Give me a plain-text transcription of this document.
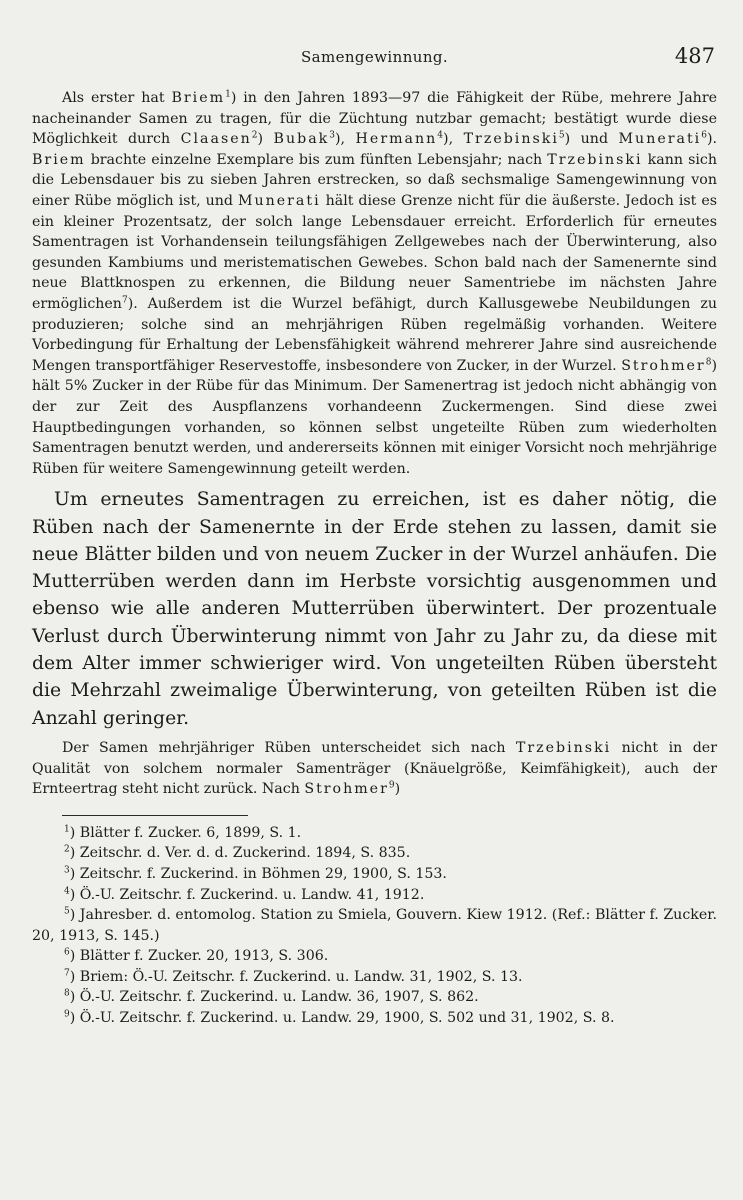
Samengewinnung.	487

Als erster hat Briem$^1$) in den Jahren 1893—97 die Fähigkeit der Rübe, mehrere Jahre nacheinander Samen zu tragen, für die Züchtung nutzbar gemacht; bestätigt wurde diese Möglichkeit durch Claasen$^2$) Bubak$^3$), Hermann$^4$), Trzebinski$^5$) und Munerati$^6$). Briem brachte einzelne Exemplare bis zum fünften Lebensjahr; nach Trzebinski kann sich die Lebensdauer bis zu sieben Jahren erstrecken, so daß sechsmalige Samengewinnung von einer Rübe möglich ist, und Munerati hält diese Grenze nicht für die äußerste. Jedoch ist es ein kleiner Prozentsatz, der solch lange Lebensdauer erreicht. Erforderlich für erneutes Samentragen ist Vorhandensein teilungsfähigen Zellgewebes nach der Überwinterung, also gesunden Kambiums und meristematischen Gewebes. Schon bald nach der Samenernte sind neue Blattknospen zu erkennen, die Bildung neuer Samentriebe im nächsten Jahre ermöglichen$^7$). Außerdem ist die Wurzel befähigt, durch Kallusgewebe Neubildungen zu produzieren; solche sind an mehrjährigen Rüben regelmäßig vorhanden. Weitere Vorbedingung für Erhaltung der Lebensfähigkeit während mehrerer Jahre sind ausreichende Mengen transportfähiger Reservestoffe, insbesondere von Zucker, in der Wurzel. Strohmer$^8$) hält 5% Zucker in der Rübe für das Minimum. Der Samenertrag ist jedoch nicht abhängig von der zur Zeit des Auspflanzens vorhandeenn Zuckermengen. Sind diese zwei Hauptbedingungen vorhanden, so können selbst ungeteilte Rüben zum wiederholten Samentragen benutzt werden, und andererseits können mit einiger Vorsicht noch mehrjährige Rüben für weitere Samengewinnung geteilt werden.

Um erneutes Samentragen zu erreichen, ist es daher nötig, die Rüben nach der Samenernte in der Erde stehen zu lassen, damit sie neue Blätter bilden und von neuem Zucker in der Wurzel anhäufen. Die Mutterrüben werden dann im Herbste vorsichtig ausgenommen und ebenso wie alle anderen Mutterrüben überwintert. Der prozentuale Verlust durch Überwinterung nimmt von Jahr zu Jahr zu, da diese mit dem Alter immer schwieriger wird. Von ungeteilten Rüben übersteht die Mehrzahl zweimalige Überwinterung, von geteilten Rüben ist die Anzahl geringer.

Der Samen mehrjähriger Rüben unterscheidet sich nach Trzebinski nicht in der Qualität von solchem normaler Samenträger (Knäuelgröße, Keimfähigkeit), auch der Ernteertrag steht nicht zurück. Nach Strohmer$^9$)

$^1$) Blätter f. Zucker. 6, 1899, S. 1.
$^2$) Zeitschr. d. Ver. d. d. Zuckerind. 1894, S. 835.
$^3$) Zeitschr. f. Zuckerind. in Böhmen 29, 1900, S. 153.
$^4$) Ö.-U. Zeitschr. f. Zuckerind. u. Landw. 41, 1912.
$^5$) Jahresber. d. entomolog. Station zu Smiela, Gouvern. Kiew 1912. (Ref.: Blätter f. Zucker. 20, 1913, S. 145.)
$^6$) Blätter f. Zucker. 20, 1913, S. 306.
$^7$) Briem: Ö.-U. Zeitschr. f. Zuckerind. u. Landw. 31, 1902, S. 13.
$^8$) Ö.-U. Zeitschr. f. Zuckerind. u. Landw. 36, 1907, S. 862.
$^9$) Ö.-U. Zeitschr. f. Zuckerind. u. Landw. 29, 1900, S. 502 und 31, 1902, S. 8.
